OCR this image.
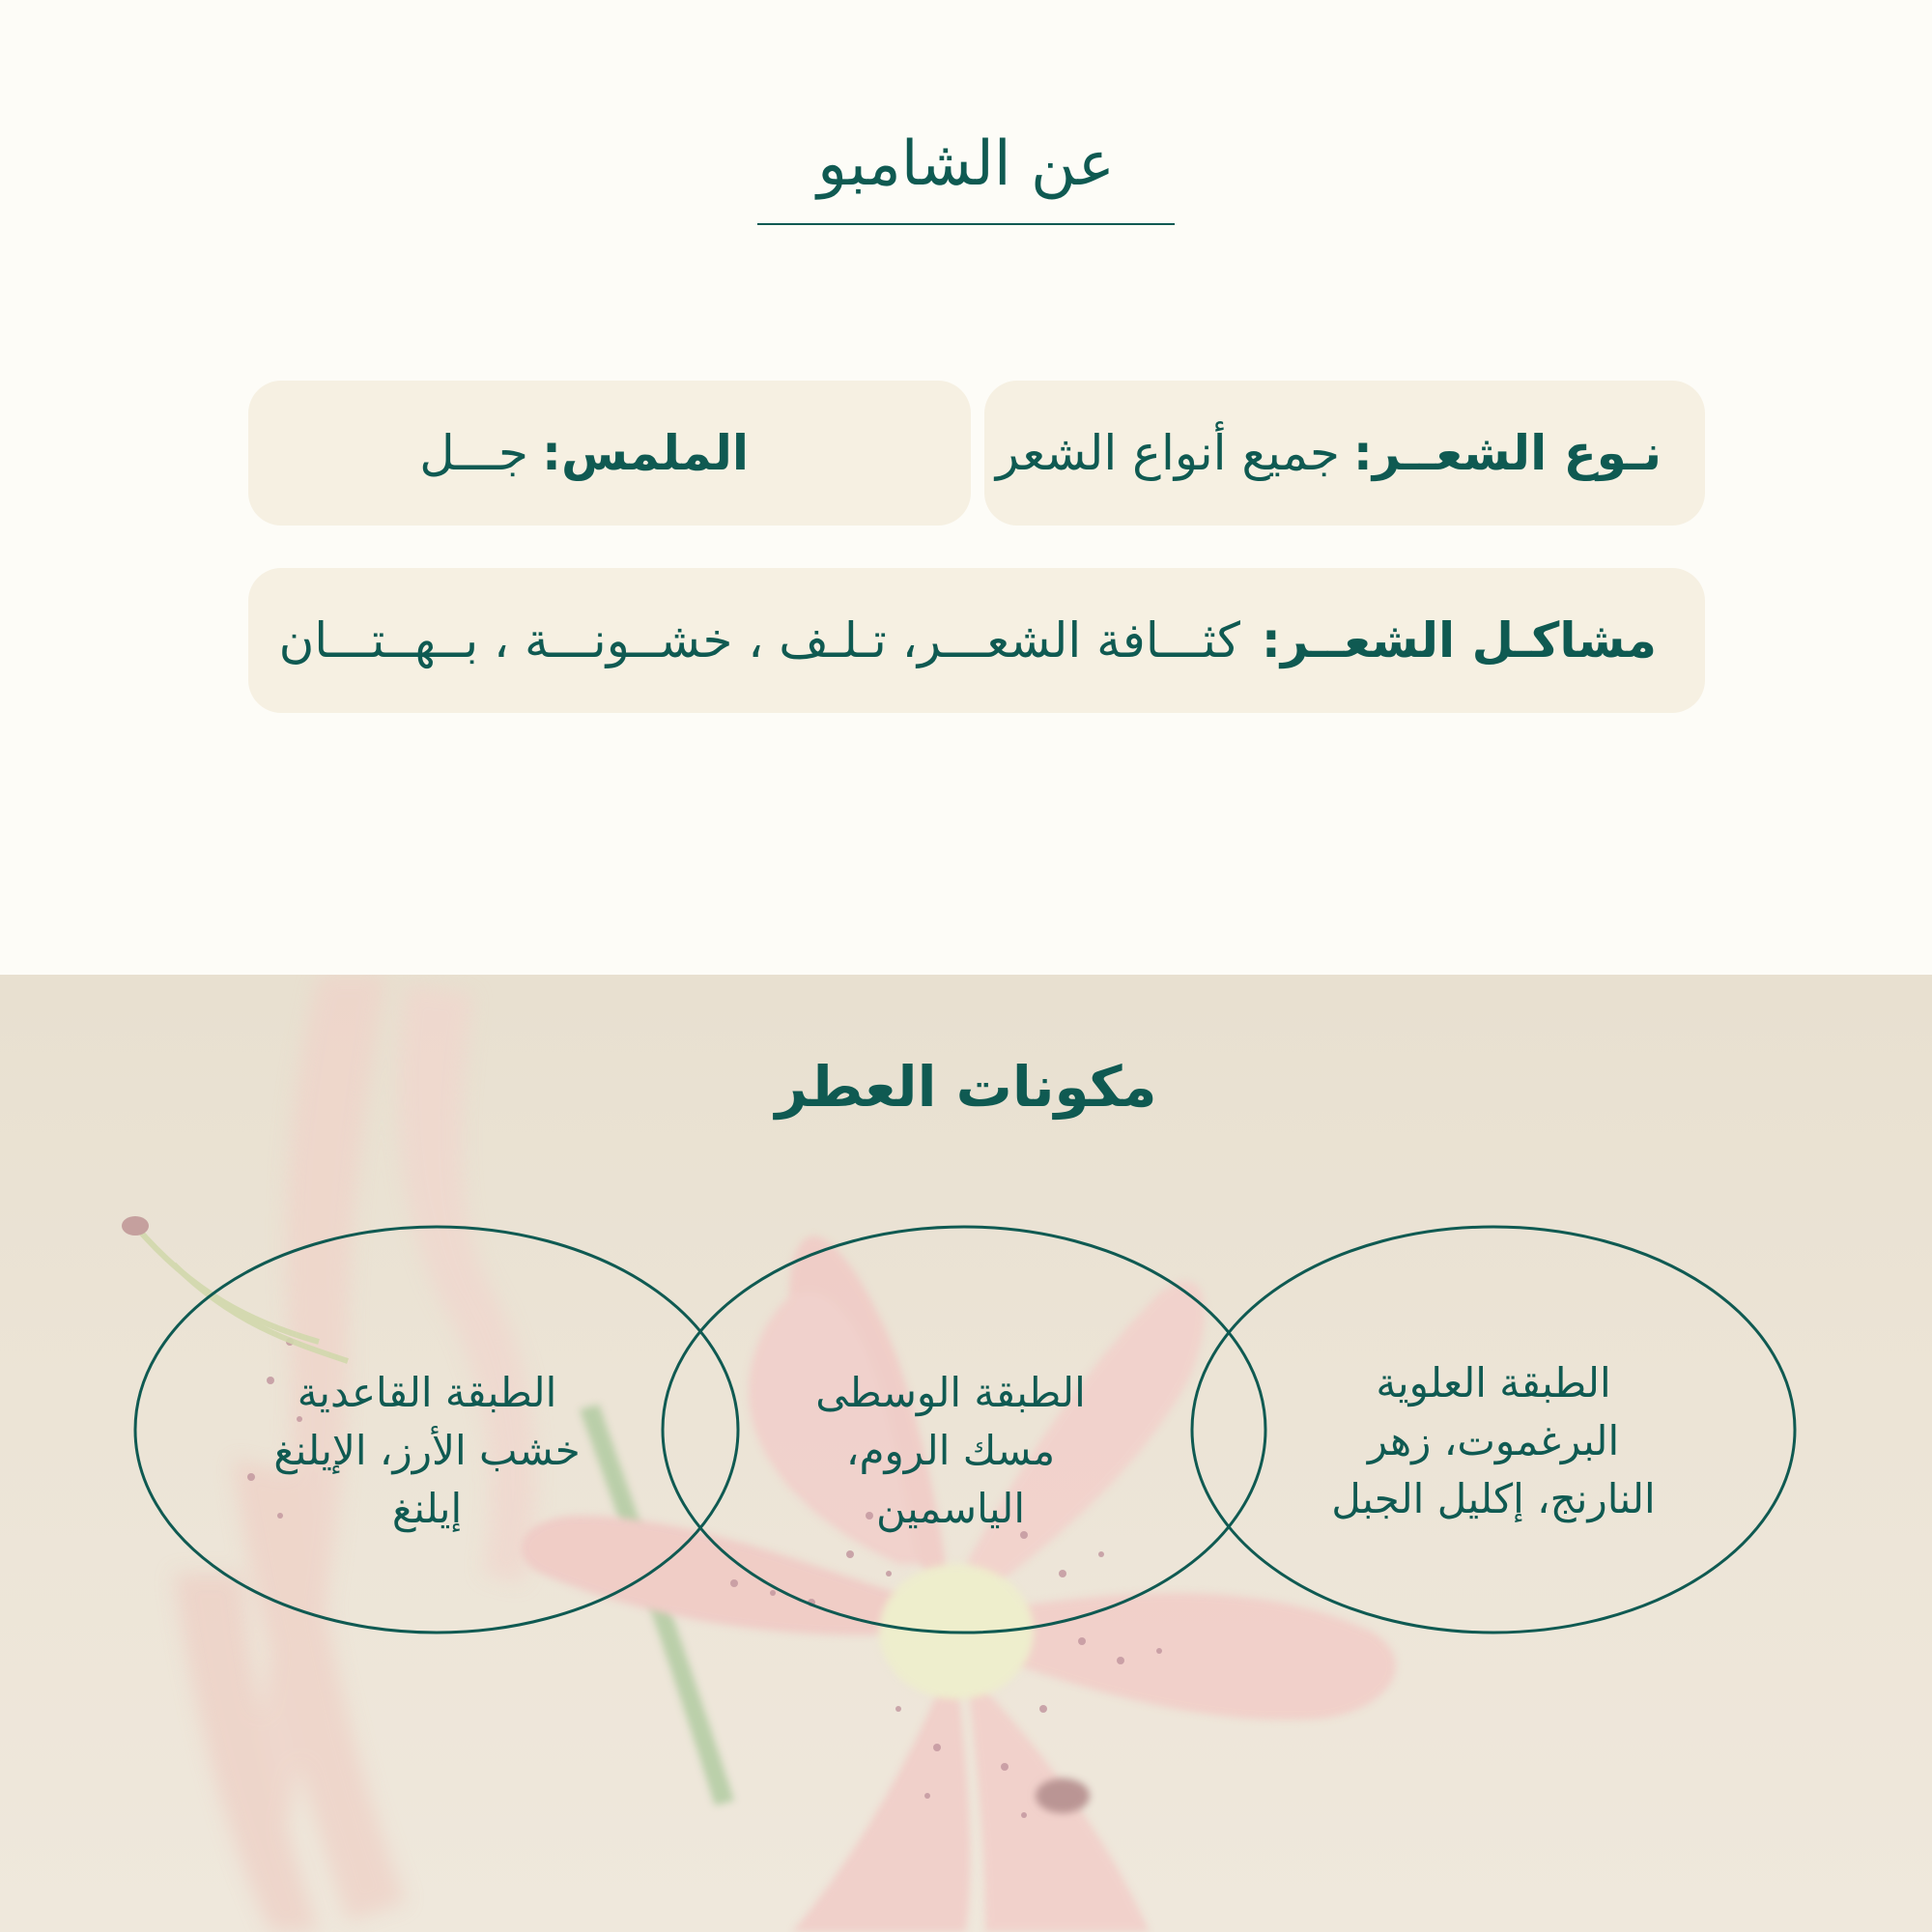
عن الشامبو
نـوع الشعــر:
جميع أنواع الشعر
الملمس:
جـــل
مشاكـل الشعــر:
كثـــافة الشعـــر، تـلـف ، خشــونـــة ، بــهــتـــان
مكونات العطر
الطبقة العلوية
البرغموت، زهر
النارنج، إكليل الجبل
الطبقة الوسطى
مسك الروم،
الياسمين
الطبقة القاعدية
خشب الأرز، الإيلنغ
إيلنغ
